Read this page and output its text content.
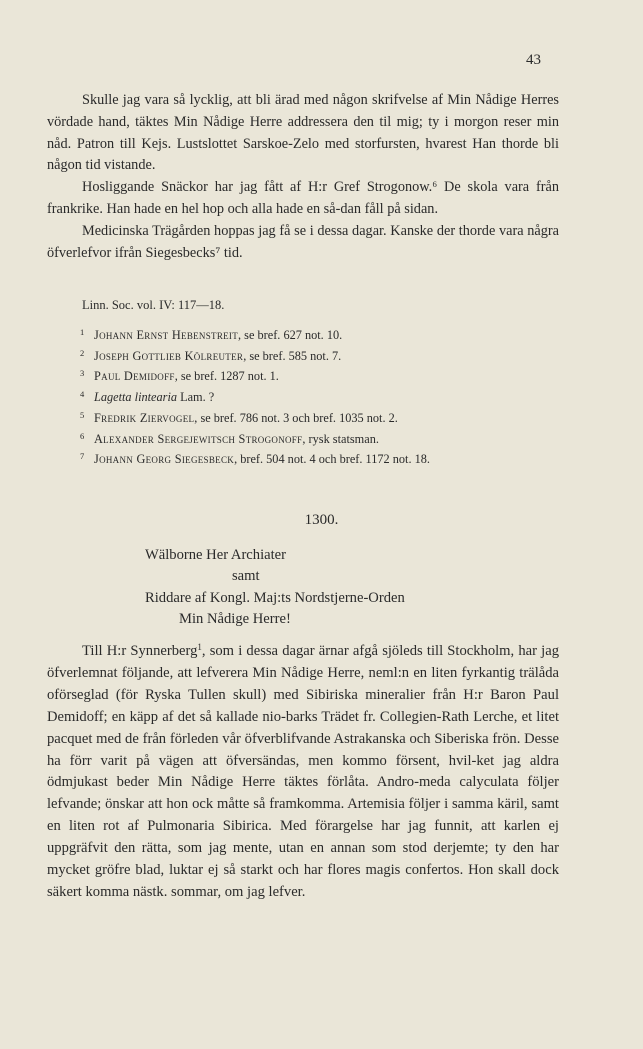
43

Skulle jag vara så lycklig, att bli ärad med någon skrifvelse af Min Nådige Herres vördade hand, täktes Min Nådige Herre addressera den til mig; ty i morgon reser min nåd. Patron till Kejs. Lustslottet Sarskoe-Zelo med storfursten, hvarest Han thorde bli någon tid vistande.

Hosliggande Snäckor har jag fått af H:r Gref Strogonow.⁶ De skola vara från frankrike. Han hade en hel hop och alla hade en så-dan fåll på sidan.

Medicinska Trägården hoppas jag få se i dessa dagar. Kanske der thorde vara några öfverlefvor ifrån Siegesbecks⁷ tid.

Linn. Soc. vol. IV: 117—18.
1 Johann Ernst Hebenstreit, se bref. 627 not. 10.
2 Joseph Gottlieb Kölreuter, se bref. 585 not. 7.
3 Paul Demidoff, se bref. 1287 not. 1.
4 Lagetta lintearia Lam. ?
5 Fredrik Ziervogel, se bref. 786 not. 3 och bref. 1035 not. 2.
6 Alexander Sergejewitsch Strogonoff, rysk statsman.
7 Johann Georg Siegesbeck, bref. 504 not. 4 och bref. 1172 not. 18.
1300.
Wälborne Her Archiater
samt
Riddare af Kongl. Maj:ts Nordstjerne-Orden
Min Nådige Herre!

Till H:r Synnerberg$^1$, som i dessa dagar ärnar afgå sjöleds till Stockholm, har jag öfverlemnat följande, att lefverera Min Nådige Herre, neml:n en liten fyrkantig trälåda oförseglad (för Ryska Tullen skull) med Sibiriska mineralier från H:r Baron Paul Demidoff; en käpp af det så kallade nio-barks Trädet fr. Collegien-Rath Lerche, et litet pacquet med de från förleden vår öfverblifvande Astrakanska och Siberiska frön. Desse ha förr varit på vägen att öfversändas, men kommo försent, hvil-ket jag aldra ödmjukast beder Min Nådige Herre täktes förlåta. Andro-meda calyculata följer lefvande; önskar att hon ock måtte så framkomma. Artemisia följer i samma käril, samt en liten rot af Pulmonaria Sibirica. Med förargelse har jag funnit, att karlen ej uppgräfvit den rätta, som jag mente, utan en annan som stod derjemte; ty den har mycket gröfre blad, luktar ej så starkt och har flores magis confertos. Hon skall dock säkert komma nästk. sommar, om jag lefver.
